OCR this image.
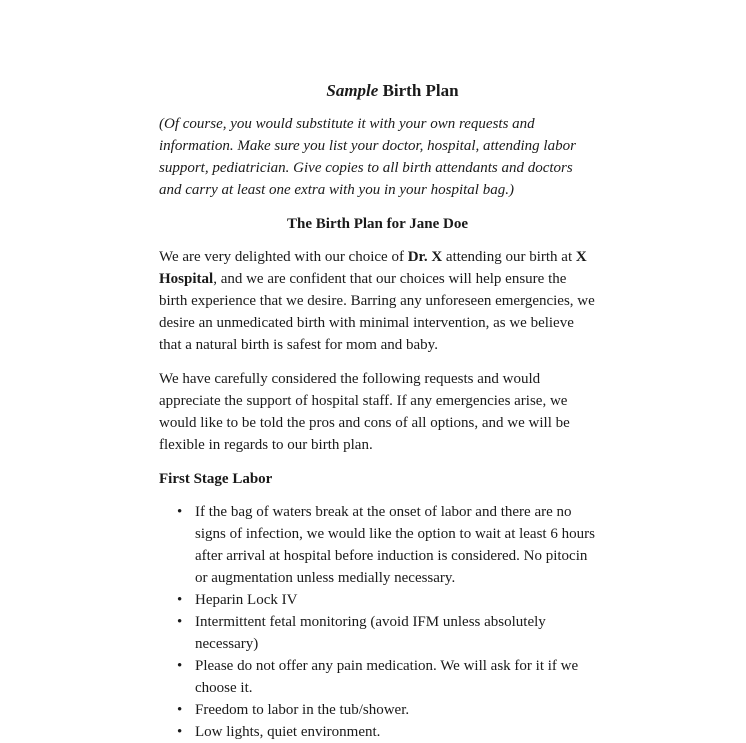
Sample Birth Plan

(Of course, you would substitute it with your own requests and information. Make sure you list your doctor, hospital, attending labor support, pediatrician. Give copies to all birth attendants and doctors and carry at least one extra with you in your hospital bag.)

The Birth Plan for Jane Doe

We are very delighted with our choice of Dr. X attending our birth at X Hospital, and we are confident that our choices will help ensure the birth experience that we desire. Barring any unforeseen emergencies, we desire an unmedicated birth with minimal intervention, as we believe that a natural birth is safest for mom and baby.

We have carefully considered the following requests and would appreciate the support of hospital staff. If any emergencies arise, we would like to be told the pros and cons of all options, and we will be flexible in regards to our birth plan.

First Stage Labor
• If the bag of waters break at the onset of labor and there are no signs of infection, we would like the option to wait at least 6 hours after arrival at hospital before induction is considered. No pitocin or augmentation unless medially necessary.
• Heparin Lock IV
• Intermittent fetal monitoring (avoid IFM unless absolutely necessary)
• Please do not offer any pain medication. We will ask for it if we choose it.
• Freedom to labor in the tub/shower.
• Low lights, quiet environment.
